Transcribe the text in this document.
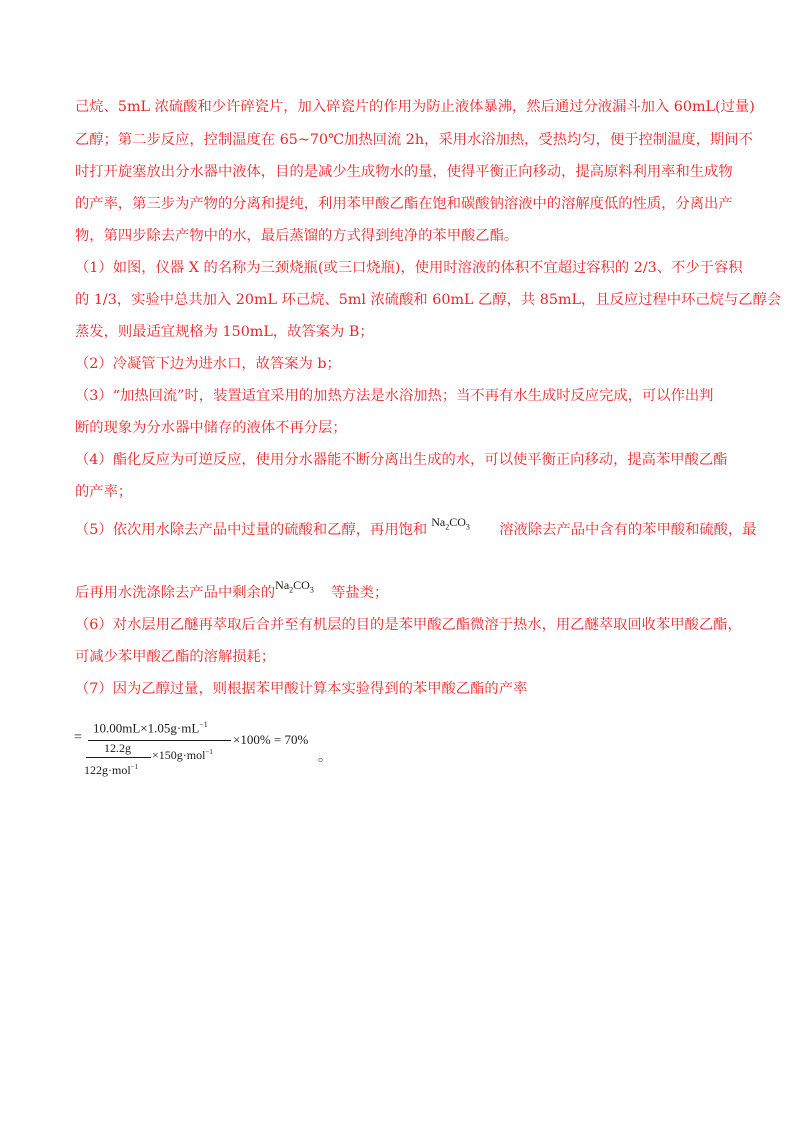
己烷、5mL 浓硫酸和少许碎瓷片，加入碎瓷片的作用为防止液体暴沸，然后通过分液漏斗加入 60mL(过量)
乙醇；第二步反应，控制温度在 65~70℃加热回流 2h，采用水浴加热，受热均匀，便于控制温度，期间不
时打开旋塞放出分水器中液体，目的是减少生成物水的量，使得平衡正向移动，提高原料利用率和生成物
的产率，第三步为产物的分离和提纯，利用苯甲酸乙酯在饱和碳酸钠溶液中的溶解度低的性质，分离出产
物，第四步除去产物中的水，最后蒸馏的方式得到纯净的苯甲酸乙酯。
（1）如图，仪器 X 的名称为三颈烧瓶(或三口烧瓶)，使用时溶液的体积不宜超过容积的 2/3、不少于容积
的 1/3，实验中总共加入 20mL 环己烷、5ml 浓硫酸和 60mL 乙醇，共 85mL，且反应过程中环己烷与乙醇会
蒸发，则最适宜规格为 150mL，故答案为 B；
（2）冷凝管下边为进水口，故答案为 b；
（3）“加热回流”时，装置适宜采用的加热方法是水浴加热；当不再有水生成时反应完成，可以作出判
断的现象为分水器中储存的液体不再分层；
（4）酯化反应为可逆反应，使用分水器能不断分离出生成的水，可以使平衡正向移动，提高苯甲酸乙酯
的产率；
（5）依次用水除去产品中过量的硫酸和乙醇，再用饱和 $Na_2CO_3$ 溶液除去产品中含有的苯甲酸和硫酸，最
后再用水洗涤除去产品中剩余的 $Na_2CO_3$ 等盐类；
（6）对水层用乙醚再萃取后合并至有机层的目的是苯甲酸乙酯微溶于热水，用乙醚萃取回收苯甲酸乙酯，
可减少苯甲酸乙酯的溶解损耗；
（7）因为乙醇过量，则根据苯甲酸计算本实验得到的苯甲酸乙酯的产率
=
$10.00mL\times 1.05g\cdot mL^{-1}$
12.2g
122g·mol$^{-1}$
×150g·mol$^{-1}$
×100% = 70%
。
